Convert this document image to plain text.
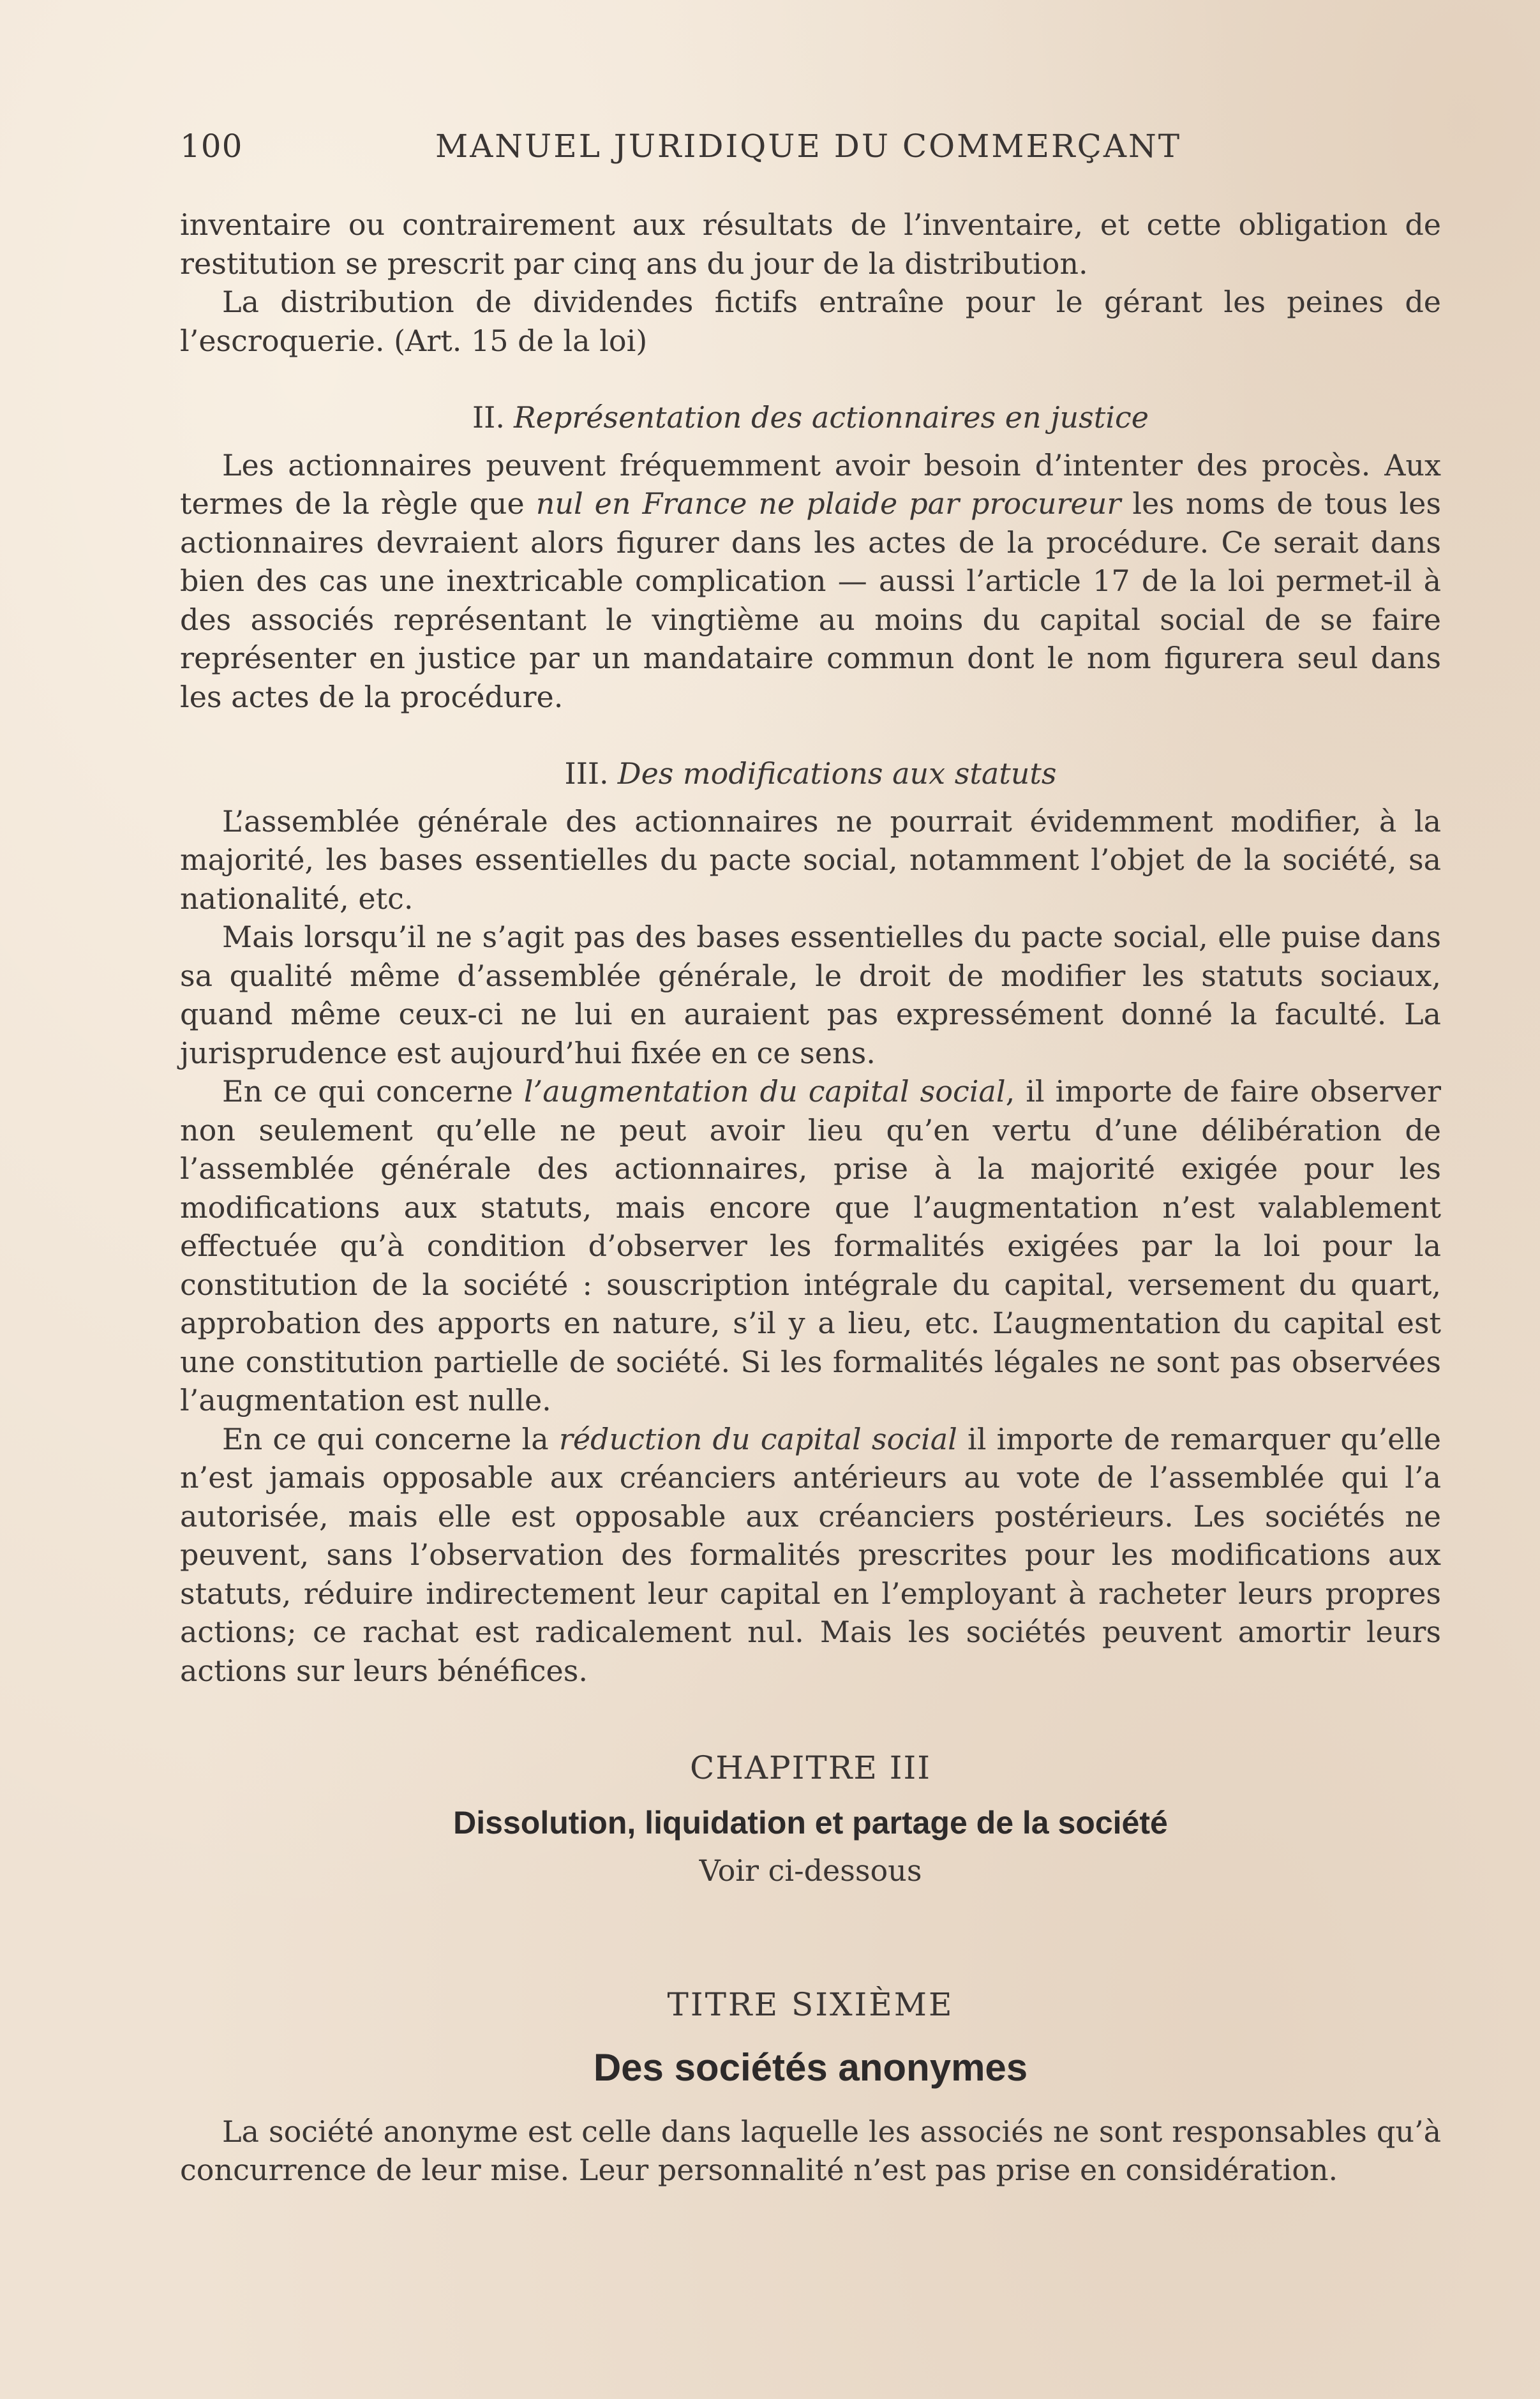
100	MANUEL JURIDIQUE DU COMMERÇANT

inventaire ou contrairement aux résultats de l’inventaire, et cette obligation de restitution se prescrit par cinq ans du jour de la distribution.

La distribution de dividendes fictifs entraîne pour le gérant les peines de l’escroquerie. (Art. 15 de la loi)

II. Représentation des actionnaires en justice

Les actionnaires peuvent fréquemment avoir besoin d’intenter des procès. Aux termes de la règle que nul en France ne plaide par procureur les noms de tous les actionnaires devraient alors figurer dans les actes de la procédure. Ce serait dans bien des cas une inextricable complication — aussi l’article 17 de la loi permet-il à des associés représentant le vingtième au moins du capital social de se faire représenter en justice par un mandataire commun dont le nom figurera seul dans les actes de la procédure.

III. Des modifications aux statuts

L’assemblée générale des actionnaires ne pourrait évidemment modifier, à la majorité, les bases essentielles du pacte social, notamment l’objet de la société, sa nationalité, etc.

Mais lorsqu’il ne s’agit pas des bases essentielles du pacte social, elle puise dans sa qualité même d’assemblée générale, le droit de modifier les statuts sociaux, quand même ceux-ci ne lui en auraient pas expressément donné la faculté. La jurisprudence est aujourd’hui fixée en ce sens.

En ce qui concerne l’augmentation du capital social, il importe de faire observer non seulement qu’elle ne peut avoir lieu qu’en vertu d’une délibération de l’assemblée générale des actionnaires, prise à la majorité exigée pour les modifications aux statuts, mais encore que l’augmentation n’est valablement effectuée qu’à condition d’observer les formalités exigées par la loi pour la constitution de la société : souscription intégrale du capital, versement du quart, approbation des apports en nature, s’il y a lieu, etc. L’augmentation du capital est une constitution partielle de société. Si les formalités légales ne sont pas observées l’augmentation est nulle.

En ce qui concerne la réduction du capital social il importe de remarquer qu’elle n’est jamais opposable aux créanciers antérieurs au vote de l’assemblée qui l’a autorisée, mais elle est opposable aux créanciers postérieurs. Les sociétés ne peuvent, sans l’observation des formalités prescrites pour les modifications aux statuts, réduire indirectement leur capital en l’employant à racheter leurs propres actions; ce rachat est radicalement nul. Mais les sociétés peuvent amortir leurs actions sur leurs bénéfices.

CHAPITRE III
Dissolution, liquidation et partage de la société
Voir ci-dessous
TITRE SIXIÈME
Des sociétés anonymes

La société anonyme est celle dans laquelle les associés ne sont responsables qu’à concurrence de leur mise. Leur personnalité n’est pas prise en considération.
